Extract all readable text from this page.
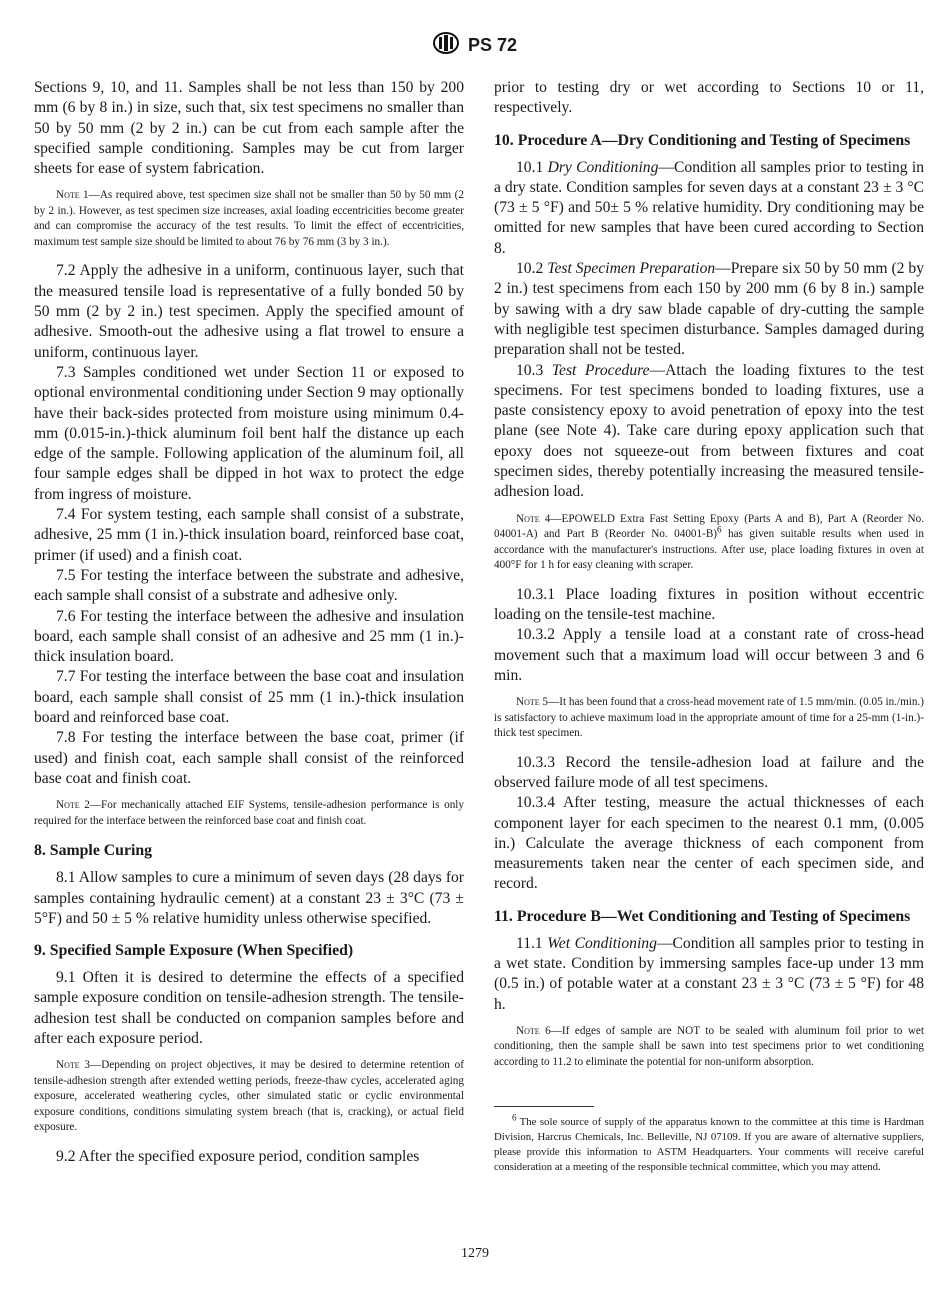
PS 72

Sections 9, 10, and 11. Samples shall be not less than 150 by 200 mm (6 by 8 in.) in size, such that, six test specimens no smaller than 50 by 50 mm (2 by 2 in.) can be cut from each sample after the specified sample conditioning. Samples may be cut from larger sheets for ease of system fabrication.

Note 1—As required above, test specimen size shall not be smaller than 50 by 50 mm (2 by 2 in.). However, as test specimen size increases, axial loading eccentricities become greater and can compromise the accuracy of the test results. To limit the effect of eccentricities, maximum test sample size should be limited to about 76 by 76 mm (3 by 3 in.).

7.2 Apply the adhesive in a uniform, continuous layer, such that the measured tensile load is representative of a fully bonded 50 by 50 mm (2 by 2 in.) test specimen. Apply the specified amount of adhesive. Smooth-out the adhesive using a flat trowel to ensure a uniform, continuous layer.

7.3 Samples conditioned wet under Section 11 or exposed to optional environmental conditioning under Section 9 may optionally have their back-sides protected from moisture using minimum 0.4-mm (0.015-in.)-thick aluminum foil bent half the distance up each edge of the sample. Following application of the aluminum foil, all four sample edges shall be dipped in hot wax to protect the edge from ingress of moisture.

7.4 For system testing, each sample shall consist of a substrate, adhesive, 25 mm (1 in.)-thick insulation board, reinforced base coat, primer (if used) and a finish coat.

7.5 For testing the interface between the substrate and adhesive, each sample shall consist of a substrate and adhesive only.

7.6 For testing the interface between the adhesive and insulation board, each sample shall consist of an adhesive and 25 mm (1 in.)-thick insulation board.

7.7 For testing the interface between the base coat and insulation board, each sample shall consist of 25 mm (1 in.)-thick insulation board and reinforced base coat.

7.8 For testing the interface between the base coat, primer (if used) and finish coat, each sample shall consist of the reinforced base coat and finish coat.

Note 2—For mechanically attached EIF Systems, tensile-adhesion performance is only required for the interface between the reinforced base coat and finish coat.
8. Sample Curing

8.1 Allow samples to cure a minimum of seven days (28 days for samples containing hydraulic cement) at a constant 23 ± 3°C (73 ± 5°F) and 50 ± 5 % relative humidity unless otherwise specified.

9. Specified Sample Exposure (When Specified)

9.1 Often it is desired to determine the effects of a specified sample exposure condition on tensile-adhesion strength. The tensile-adhesion test shall be conducted on companion samples before and after each exposure period.

Note 3—Depending on project objectives, it may be desired to determine retention of tensile-adhesion strength after extended wetting periods, freeze-thaw cycles, accelerated aging exposure, accelerated weathering cycles, other simulated static or cyclic environmental exposure conditions, conditions simulating system breach (that is, cracking), or actual field exposure.

9.2 After the specified exposure period, condition samples

prior to testing dry or wet according to Sections 10 or 11, respectively.

10. Procedure A—Dry Conditioning and Testing of Specimens

10.1 Dry Conditioning—Condition all samples prior to testing in a dry state. Condition samples for seven days at a constant 23 ± 3 °C (73 ± 5 °F) and 50± 5 % relative humidity. Dry conditioning may be omitted for new samples that have been cured according to Section 8.

10.2 Test Specimen Preparation—Prepare six 50 by 50 mm (2 by 2 in.) test specimens from each 150 by 200 mm (6 by 8 in.) sample by sawing with a dry saw blade capable of dry-cutting the sample with negligible test specimen disturbance. Samples damaged during preparation shall not be tested.

10.3 Test Procedure—Attach the loading fixtures to the test specimens. For test specimens bonded to loading fixtures, use a paste consistency epoxy to avoid penetration of epoxy into the test plane (see Note 4). Take care during epoxy application such that epoxy does not squeeze-out from between fixtures and coat specimen sides, thereby potentially increasing the measured tensile-adhesion load.

Note 4—EPOWELD Extra Fast Setting Epoxy (Parts A and B), Part A (Reorder No. 04001-A) and Part B (Reorder No. 04001-B)$^6$ has given suitable results when used in accordance with the manufacturer's instructions. After use, place loading fixtures in oven at 400°F for 1 h for easy cleaning with scraper.

10.3.1 Place loading fixtures in position without eccentric loading on the tensile-test machine.

10.3.2 Apply a tensile load at a constant rate of cross-head movement such that a maximum load will occur between 3 and 6 min.

Note 5—It has been found that a cross-head movement rate of 1.5 mm/min. (0.05 in./min.) is satisfactory to achieve maximum load in the appropriate amount of time for a 25-mm (1-in.)-thick test specimen.

10.3.3 Record the tensile-adhesion load at failure and the observed failure mode of all test specimens.

10.3.4 After testing, measure the actual thicknesses of each component layer for each specimen to the nearest 0.1 mm, (0.005 in.) Calculate the average thickness of each component from measurements taken near the center of each specimen side, and record.

11. Procedure B—Wet Conditioning and Testing of Specimens

11.1 Wet Conditioning—Condition all samples prior to testing in a wet state. Condition by immersing samples face-up under 13 mm (0.5 in.) of potable water at a constant 23 ± 3 °C (73 ± 5 °F) for 48 h.

Note 6—If edges of sample are NOT to be sealed with aluminum foil prior to wet conditioning, then the sample shall be sawn into test specimens prior to wet conditioning according to 11.2 to eliminate the potential for non-uniform absorption.

$^6$ The sole source of supply of the apparatus known to the committee at this time is Hardman Division, Harcrus Chemicals, Inc. Belleville, NJ 07109. If you are aware of alternative suppliers, please provide this information to ASTM Headquarters. Your comments will receive careful consideration at a meeting of the responsible technical committee, which you may attend.

1279
